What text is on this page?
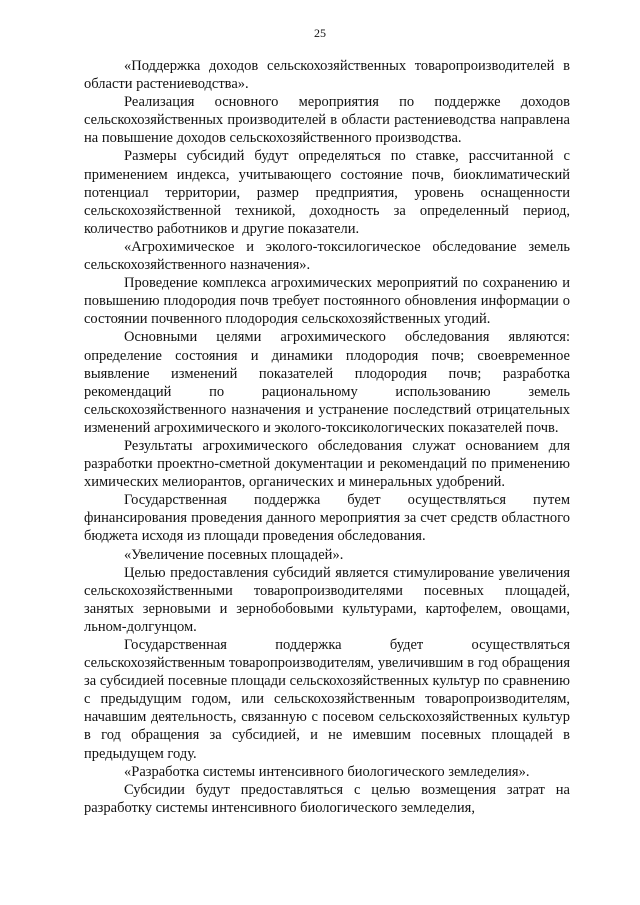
25

«Поддержка доходов сельскохозяйственных товаропроизводителей в области растениеводства».

Реализация основного мероприятия по поддержке доходов сельскохозяйственных производителей в области растениеводства направлена на повышение доходов сельскохозяйственного производства.

Размеры субсидий будут определяться по ставке, рассчитанной с применением индекса, учитывающего состояние почв, биоклиматический потенциал территории, размер предприятия, уровень оснащенности сельскохозяйственной техникой, доходность за определенный период, количество работников и другие показатели.

«Агрохимическое и эколого-токсилогическое обследование земель сельскохозяйственного назначения».

Проведение комплекса агрохимических мероприятий по сохранению и повышению плодородия почв требует постоянного обновления информации о состоянии почвенного плодородия сельскохозяйственных угодий.

Основными целями агрохимического обследования являются: определение состояния и динамики плодородия почв; своевременное выявление изменений показателей плодородия почв; разработка рекомендаций по рациональному использованию земель сельскохозяйственного назначения и устранение последствий отрицательных изменений агрохимического и эколого-токсикологических показателей почв.

Результаты агрохимического обследования служат основанием для разработки проектно-сметной документации и рекомендаций по применению химических мелиорантов, органических и минеральных удобрений.

Государственная поддержка будет осуществляться путем финансирования проведения данного мероприятия за счет средств областного бюджета исходя из площади проведения обследования.

«Увеличение посевных площадей».

Целью предоставления субсидий является стимулирование увеличения сельскохозяйственными товаропроизводителями посевных площадей, занятых зерновыми и зернобобовыми культурами, картофелем, овощами, льном-долгунцом.

Государственная поддержка будет осуществляться сельскохозяйственным товаропроизводителям, увеличившим в год обращения за субсидией посевные площади сельскохозяйственных культур по сравнению с предыдущим годом, или сельскохозяйственным товаропроизводителям, начавшим деятельность, связанную с посевом сельскохозяйственных культур в год обращения за субсидией, и не имевшим посевных площадей в предыдущем году.

«Разработка системы интенсивного биологического земледелия».

Субсидии будут предоставляться с целью возмещения затрат на разработку системы интенсивного биологического земледелия,
